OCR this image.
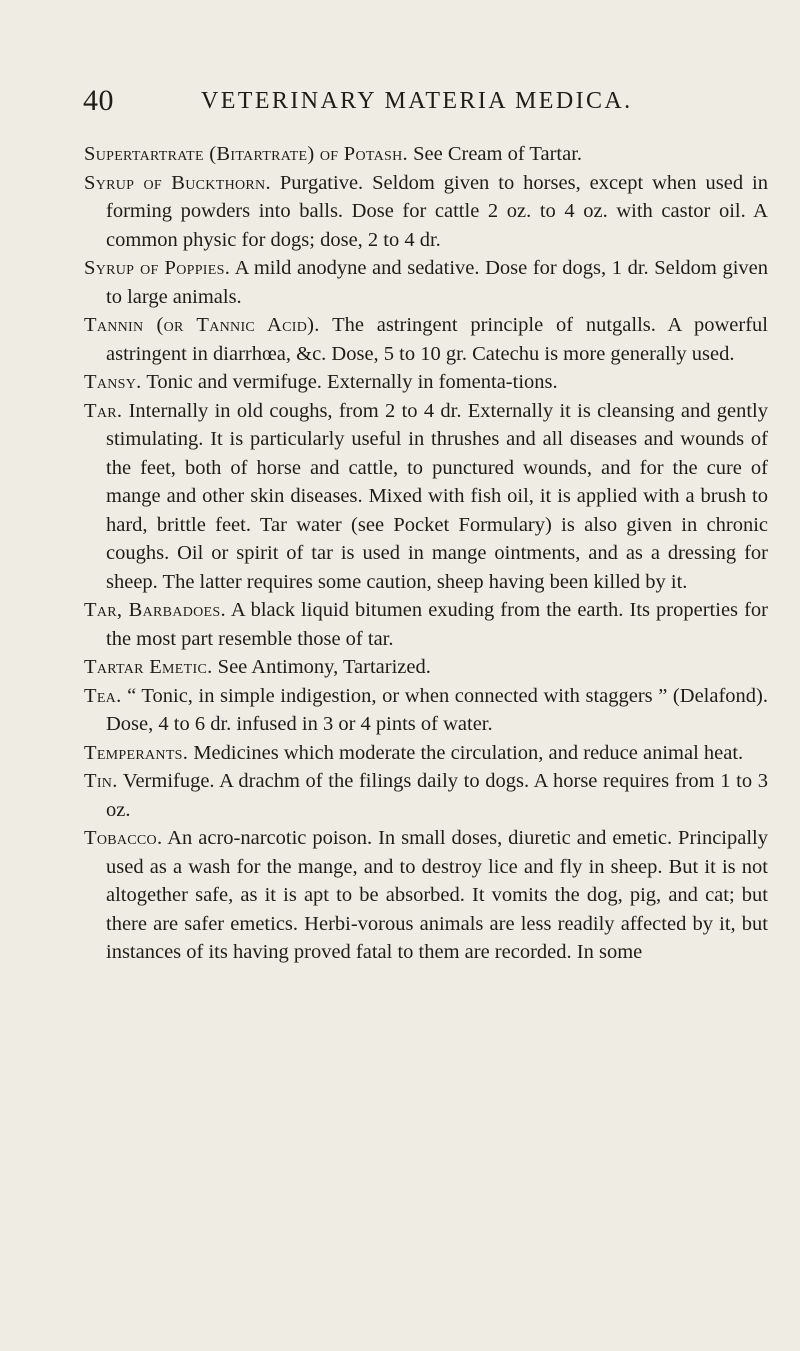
40	VETERINARY MATERIA MEDICA.

Supertartrate (Bitartrate) of Potash. See Cream of Tartar.

Syrup of Buckthorn. Purgative. Seldom given to horses, except when used in forming powders into balls. Dose for cattle 2 oz. to 4 oz. with castor oil. A common physic for dogs; dose, 2 to 4 dr.

Syrup of Poppies. A mild anodyne and sedative. Dose for dogs, 1 dr. Seldom given to large animals.

Tannin (or Tannic Acid). The astringent principle of nutgalls. A powerful astringent in diarrhœa, &c. Dose, 5 to 10 gr. Catechu is more generally used.

Tansy. Tonic and vermifuge. Externally in fomenta-tions.

Tar. Internally in old coughs, from 2 to 4 dr. Externally it is cleansing and gently stimulating. It is particularly useful in thrushes and all diseases and wounds of the feet, both of horse and cattle, to punctured wounds, and for the cure of mange and other skin diseases. Mixed with fish oil, it is applied with a brush to hard, brittle feet. Tar water (see Pocket Formulary) is also given in chronic coughs. Oil or spirit of tar is used in mange ointments, and as a dressing for sheep. The latter requires some caution, sheep having been killed by it.

Tar, Barbadoes. A black liquid bitumen exuding from the earth. Its properties for the most part resemble those of tar.

Tartar Emetic. See Antimony, Tartarized.

Tea. “ Tonic, in simple indigestion, or when connected with staggers ” (Delafond). Dose, 4 to 6 dr. infused in 3 or 4 pints of water.

Temperants. Medicines which moderate the circulation, and reduce animal heat.

Tin. Vermifuge. A drachm of the filings daily to dogs. A horse requires from 1 to 3 oz.

Tobacco. An acro-narcotic poison. In small doses, diuretic and emetic. Principally used as a wash for the mange, and to destroy lice and fly in sheep. But it is not altogether safe, as it is apt to be absorbed. It vomits the dog, pig, and cat; but there are safer emetics. Herbi-vorous animals are less readily affected by it, but instances of its having proved fatal to them are recorded. In some
